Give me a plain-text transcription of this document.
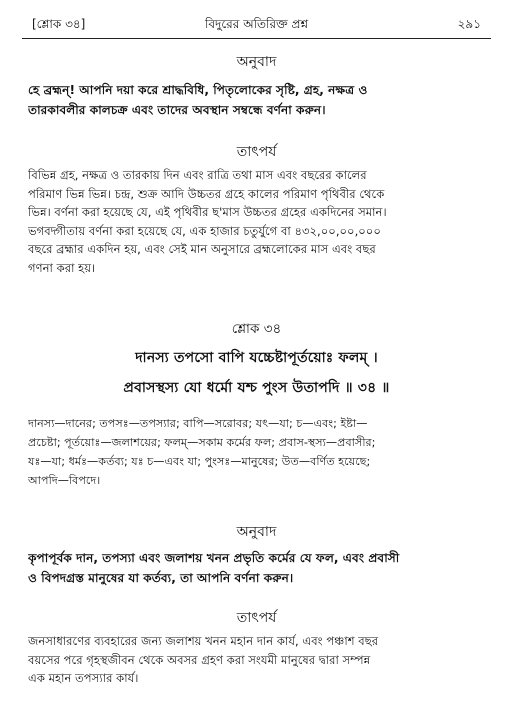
[শ্লোক ৩৪]	বিদুরের অতিরিক্ত প্রশ্ন	২৯১
অনুবাদ
হে ব্রহ্মন্! আপনি দয়া করে শ্রাদ্ধবিধি, পিতৃলোকের সৃষ্টি, গ্রহ, নক্ষত্র ও
তারকাবলীর কালচক্র এবং তাদের অবস্থান সম্বন্ধে বর্ণনা করুন।
তাৎপর্য
বিভিন্ন গ্রহ, নক্ষত্র ও তারকায় দিন এবং রাত্রি তথা মাস এবং বছরের কালের
পরিমাণ ভিন্ন ভিন্ন। চন্দ্র, শুক্র আদি উচ্চতর গ্রহে কালের পরিমাণ পৃথিবীর থেকে
ভিন্ন। বর্ণনা করা হয়েছে যে, এই পৃথিবীর ছ'মাস উচ্চতর গ্রহের একদিনের সমান।
ভগবদ্গীতায় বর্ণনা করা হয়েছে যে, এক হাজার চতুর্যুগে বা ৪৩২,০০,০০,০০০
বছরে ব্রহ্মার একদিন হয়, এবং সেই মান অনুসারে ব্রহ্মলোকের মাস এবং বছর
গণনা করা হয়।
শ্লোক ৩৪
দানস্য তপসো বাপি যচ্চেষ্টাপূর্তয়োঃ ফলম্ ।
প্রবাসস্থস্য যো ধর্মো যশ্চ পুংস উতাপদি ॥ ৩৪ ॥
দানস্য—দানের; তপসঃ—তপস্যার; বাপি—সরোবর; যৎ—যা; চ—এবং; ইষ্টা—
প্রচেষ্টা; পূর্তয়োঃ—জলাশয়ের; ফলম্—সকাম কর্মের ফল; প্রবাস-স্থস্য—প্রবাসীর;
যঃ—যা; ধর্মঃ—কর্তব্য; যঃ চ—এবং যা; পুংসঃ—মানুষের; উত—বর্ণিত হয়েছে;
আপদি—বিপদে।
অনুবাদ
কৃপাপূর্বক দান, তপস্যা এবং জলাশয় খনন প্রভৃতি কর্মের যে ফল, এবং প্রবাসী
ও বিপদগ্রস্ত মানুষের যা কর্তব্য, তা আপনি বর্ণনা করুন।
তাৎপর্য
জনসাধারণের ব্যবহারের জন্য জলাশয় খনন মহান দান কার্য, এবং পঞ্চাশ বছর
বয়সের পরে গৃহস্থজীবন থেকে অবসর গ্রহণ করা সংযমী মানুষের দ্বারা সম্পন্ন
এক মহান তপস্যার কার্য।
